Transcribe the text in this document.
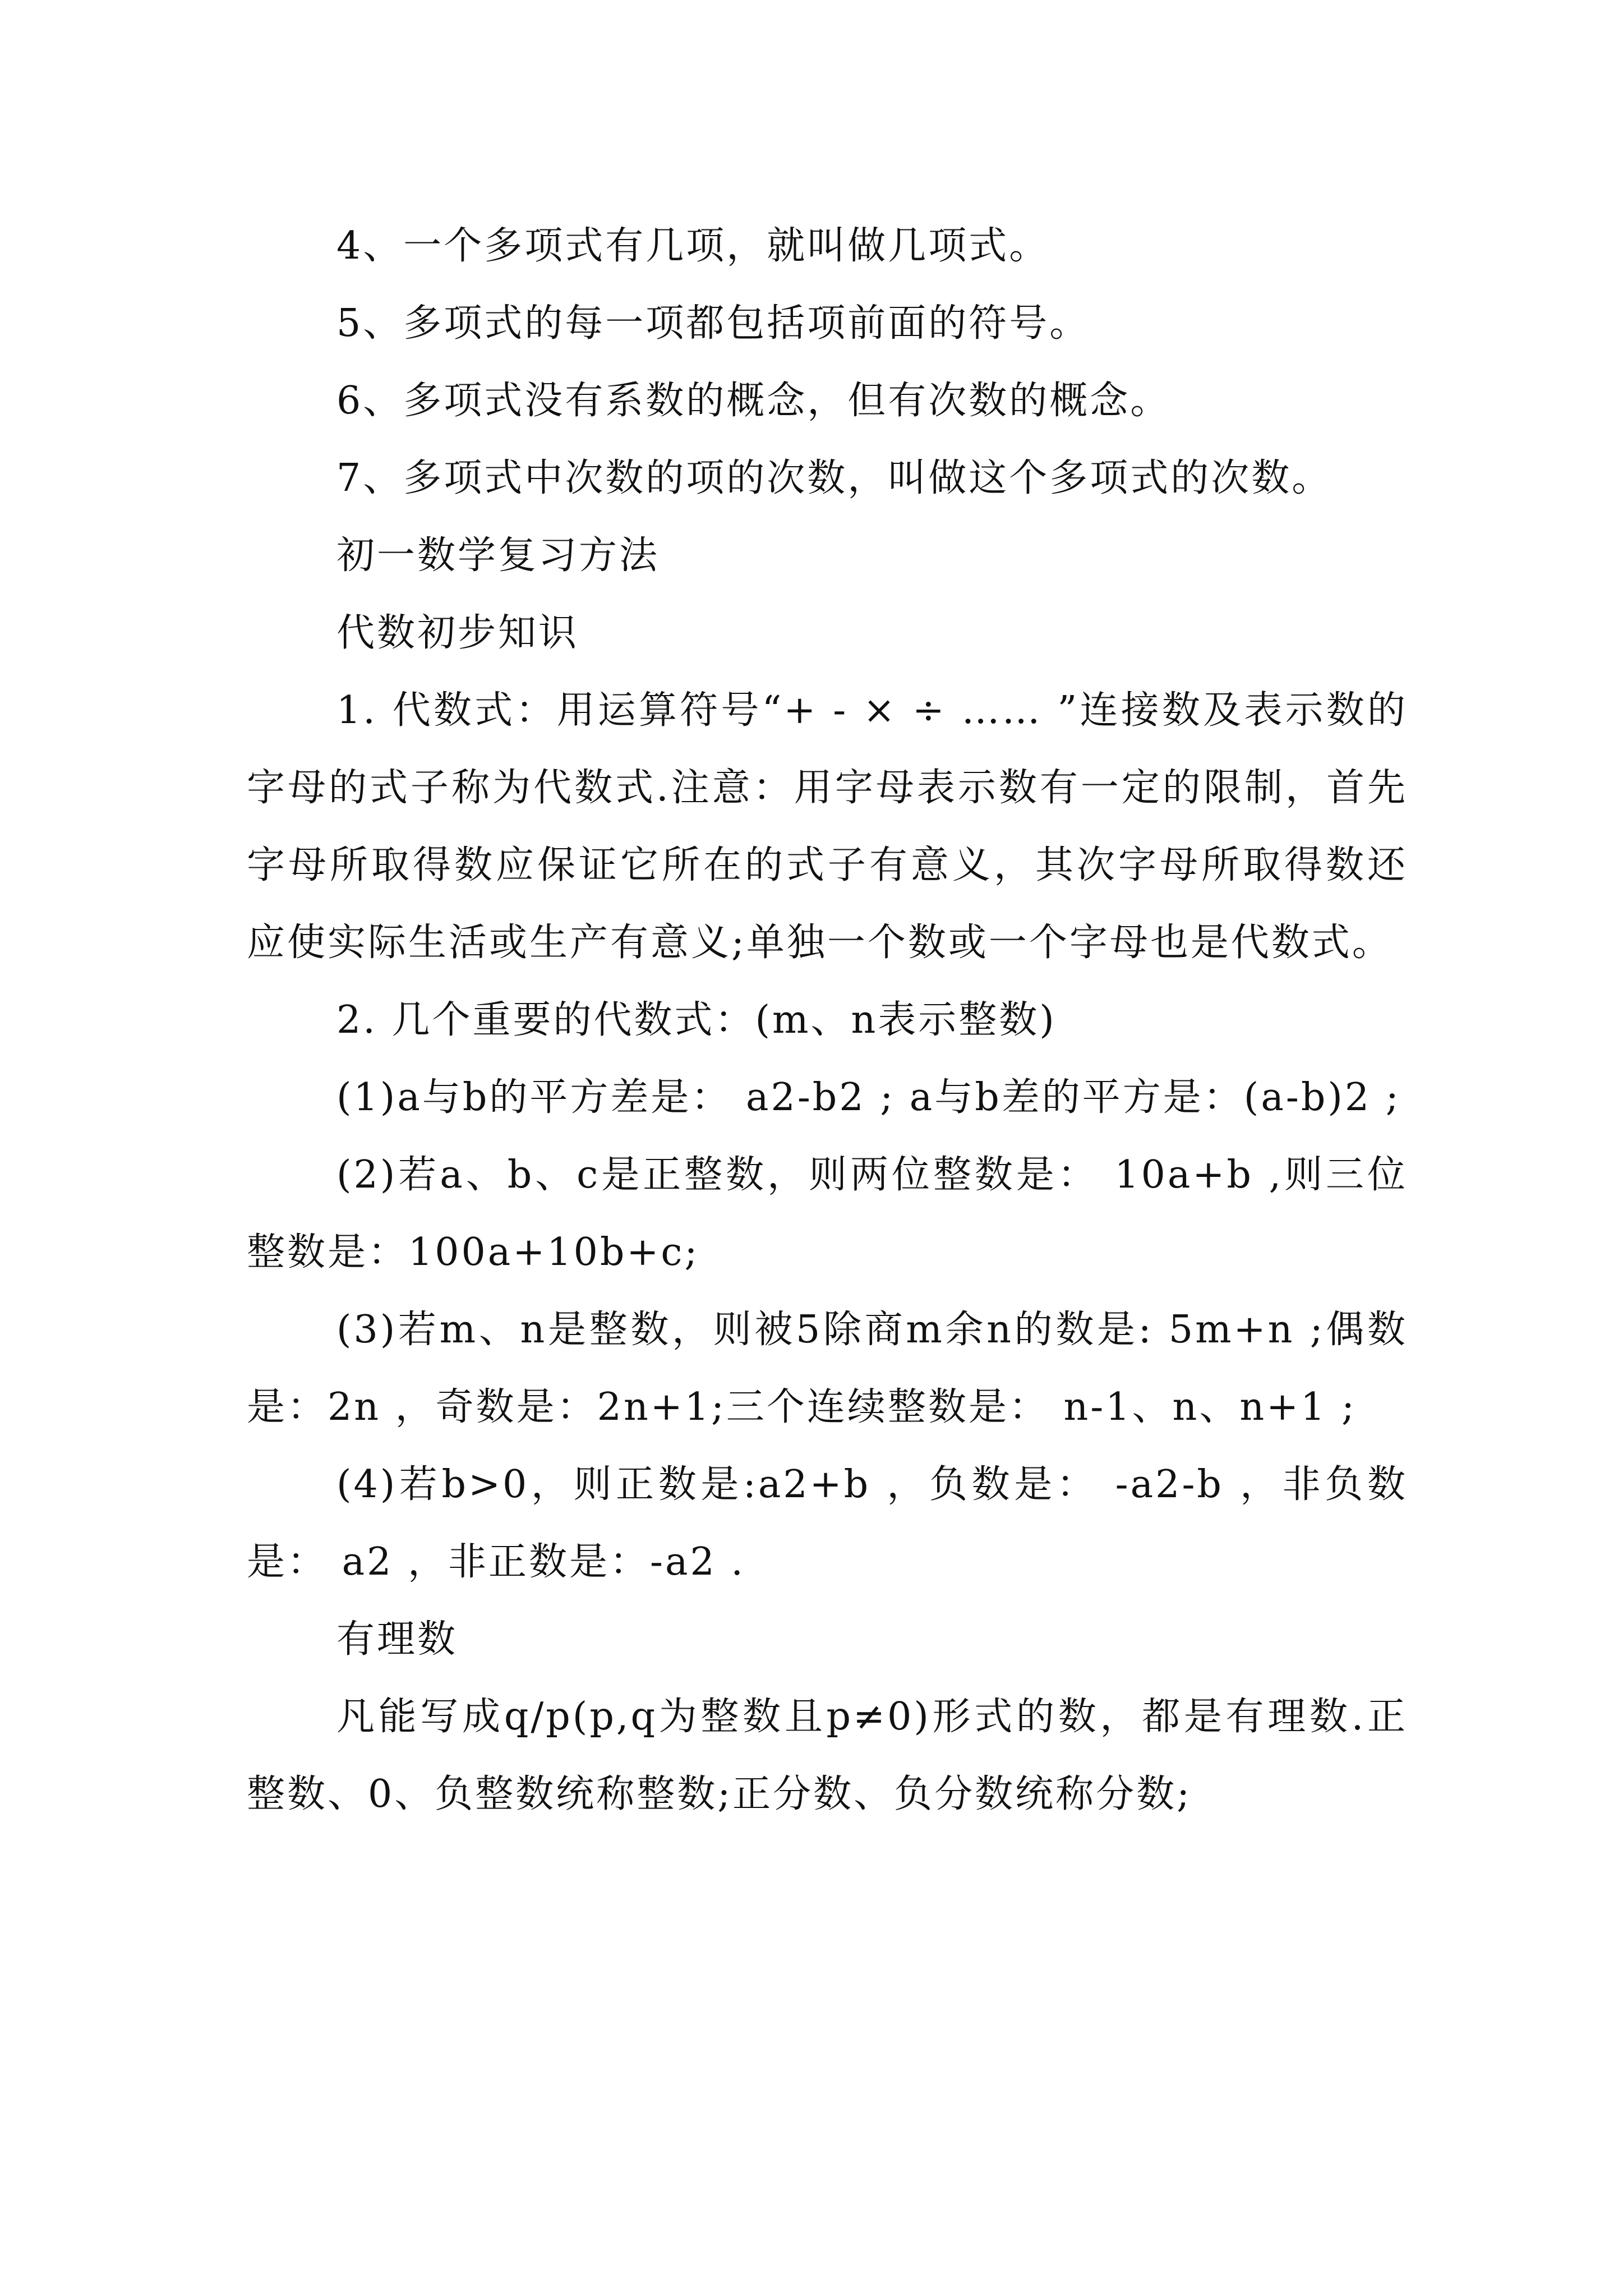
4、一个多项式有几项，就叫做几项式。

5、多项式的每一项都包括项前面的符号。

6、多项式没有系数的概念，但有次数的概念。

7、多项式中次数的项的次数，叫做这个多项式的次数。

初一数学复习方法

代数初步知识

1. 代数式：用运算符号“+ - × ÷ …… ”连接数及表示数的字母的式子称为代数式.注意：用字母表示数有一定的限制，首先字母所取得数应保证它所在的式子有意义，其次字母所取得数还应使实际生活或生产有意义;单独一个数或一个字母也是代数式。

2. 几个重要的代数式：(m、n表示整数)

(1)a与b的平方差是： a2-b2 ; a与b差的平方是：(a-b)2 ;

(2)若a、b、c是正整数，则两位整数是： 10a+b ,则三位整数是：100a+10b+c;

(3)若m、n是整数，则被5除商m余n的数是: 5m+n ;偶数是：2n ，奇数是：2n+1;三个连续整数是： n-1、n、n+1 ;

(4)若b>0，则正数是:a2+b ，负数是： -a2-b ，非负数是： a2 ，非正数是：-a2 .

有理数

凡能写成q/p(p,q为整数且p≠0)形式的数，都是有理数.正整数、0、负整数统称整数;正分数、负分数统称分数;
